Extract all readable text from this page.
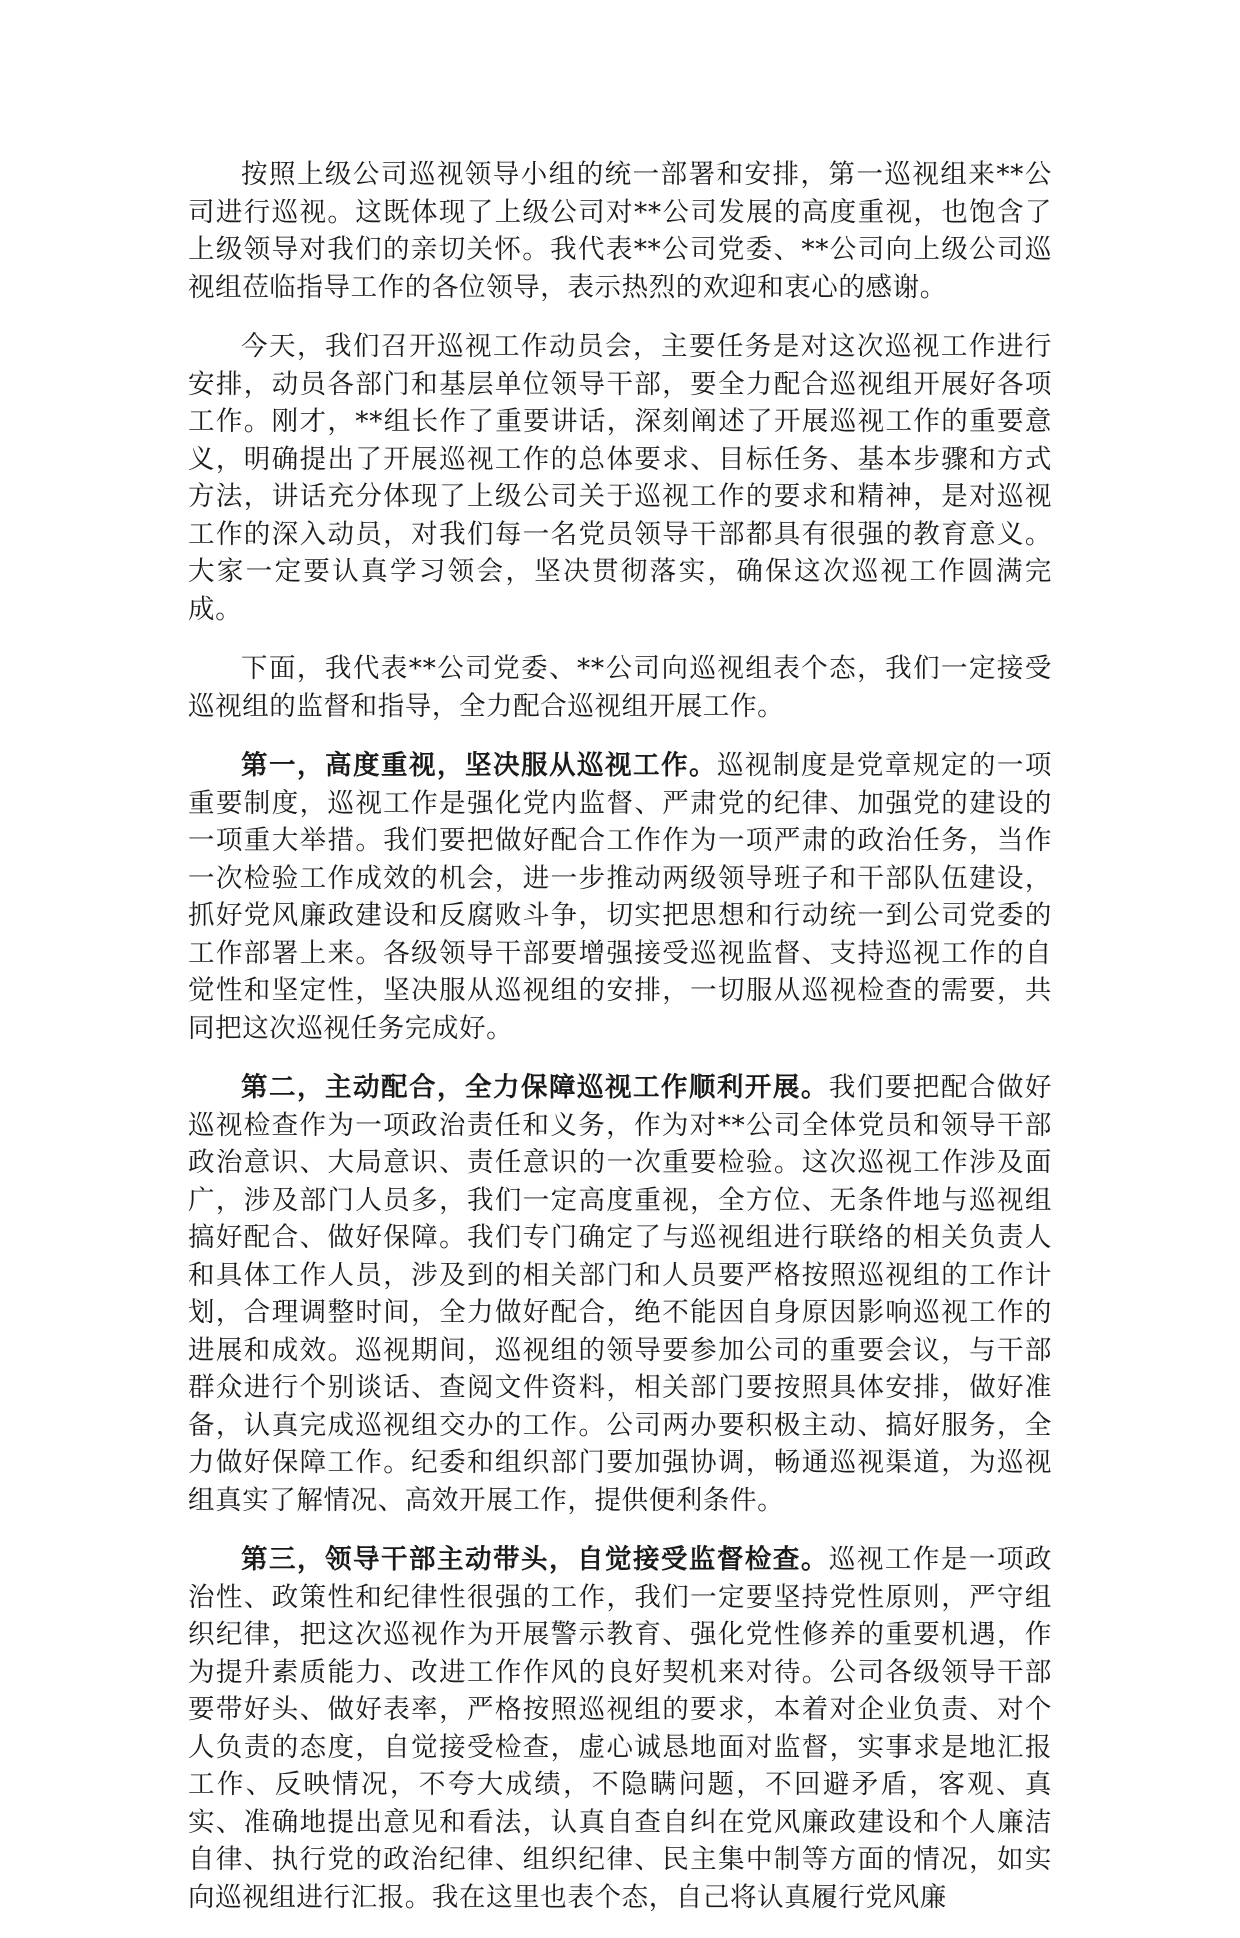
按照上级公司巡视领导小组的统一部署和安排，第一巡视组来**公司进行巡视。这既体现了上级公司对**公司发展的高度重视，也饱含了上级领导对我们的亲切关怀。我代表**公司党委、**公司向上级公司巡视组莅临指导工作的各位领导，表示热烈的欢迎和衷心的感谢。

今天，我们召开巡视工作动员会，主要任务是对这次巡视工作进行安排，动员各部门和基层单位领导干部，要全力配合巡视组开展好各项工作。刚才，**组长作了重要讲话，深刻阐述了开展巡视工作的重要意义，明确提出了开展巡视工作的总体要求、目标任务、基本步骤和方式方法，讲话充分体现了上级公司关于巡视工作的要求和精神，是对巡视工作的深入动员，对我们每一名党员领导干部都具有很强的教育意义。大家一定要认真学习领会，坚决贯彻落实，确保这次巡视工作圆满完成。

下面，我代表**公司党委、**公司向巡视组表个态，我们一定接受巡视组的监督和指导，全力配合巡视组开展工作。

第一，高度重视，坚决服从巡视工作。巡视制度是党章规定的一项重要制度，巡视工作是强化党内监督、严肃党的纪律、加强党的建设的一项重大举措。我们要把做好配合工作作为一项严肃的政治任务，当作一次检验工作成效的机会，进一步推动两级领导班子和干部队伍建设，抓好党风廉政建设和反腐败斗争，切实把思想和行动统一到公司党委的工作部署上来。各级领导干部要增强接受巡视监督、支持巡视工作的自觉性和坚定性，坚决服从巡视组的安排，一切服从巡视检查的需要，共同把这次巡视任务完成好。

第二，主动配合，全力保障巡视工作顺利开展。我们要把配合做好巡视检查作为一项政治责任和义务，作为对**公司全体党员和领导干部政治意识、大局意识、责任意识的一次重要检验。这次巡视工作涉及面广，涉及部门人员多，我们一定高度重视，全方位、无条件地与巡视组搞好配合、做好保障。我们专门确定了与巡视组进行联络的相关负责人和具体工作人员，涉及到的相关部门和人员要严格按照巡视组的工作计划，合理调整时间，全力做好配合，绝不能因自身原因影响巡视工作的进展和成效。巡视期间，巡视组的领导要参加公司的重要会议，与干部群众进行个别谈话、查阅文件资料，相关部门要按照具体安排，做好准备，认真完成巡视组交办的工作。公司两办要积极主动、搞好服务，全力做好保障工作。纪委和组织部门要加强协调，畅通巡视渠道，为巡视组真实了解情况、高效开展工作，提供便利条件。

第三，领导干部主动带头，自觉接受监督检查。巡视工作是一项政治性、政策性和纪律性很强的工作，我们一定要坚持党性原则，严守组织纪律，把这次巡视作为开展警示教育、强化党性修养的重要机遇，作为提升素质能力、改进工作作风的良好契机来对待。公司各级领导干部要带好头、做好表率，严格按照巡视组的要求，本着对企业负责、对个人负责的态度，自觉接受检查，虚心诚恳地面对监督，实事求是地汇报工作、反映情况，不夸大成绩，不隐瞒问题，不回避矛盾，客观、真实、准确地提出意见和看法，认真自查自纠在党风廉政建设和个人廉洁自律、执行党的政治纪律、组织纪律、民主集中制等方面的情况，如实向巡视组进行汇报。我在这里也表个态，自己将认真履行党风廉
